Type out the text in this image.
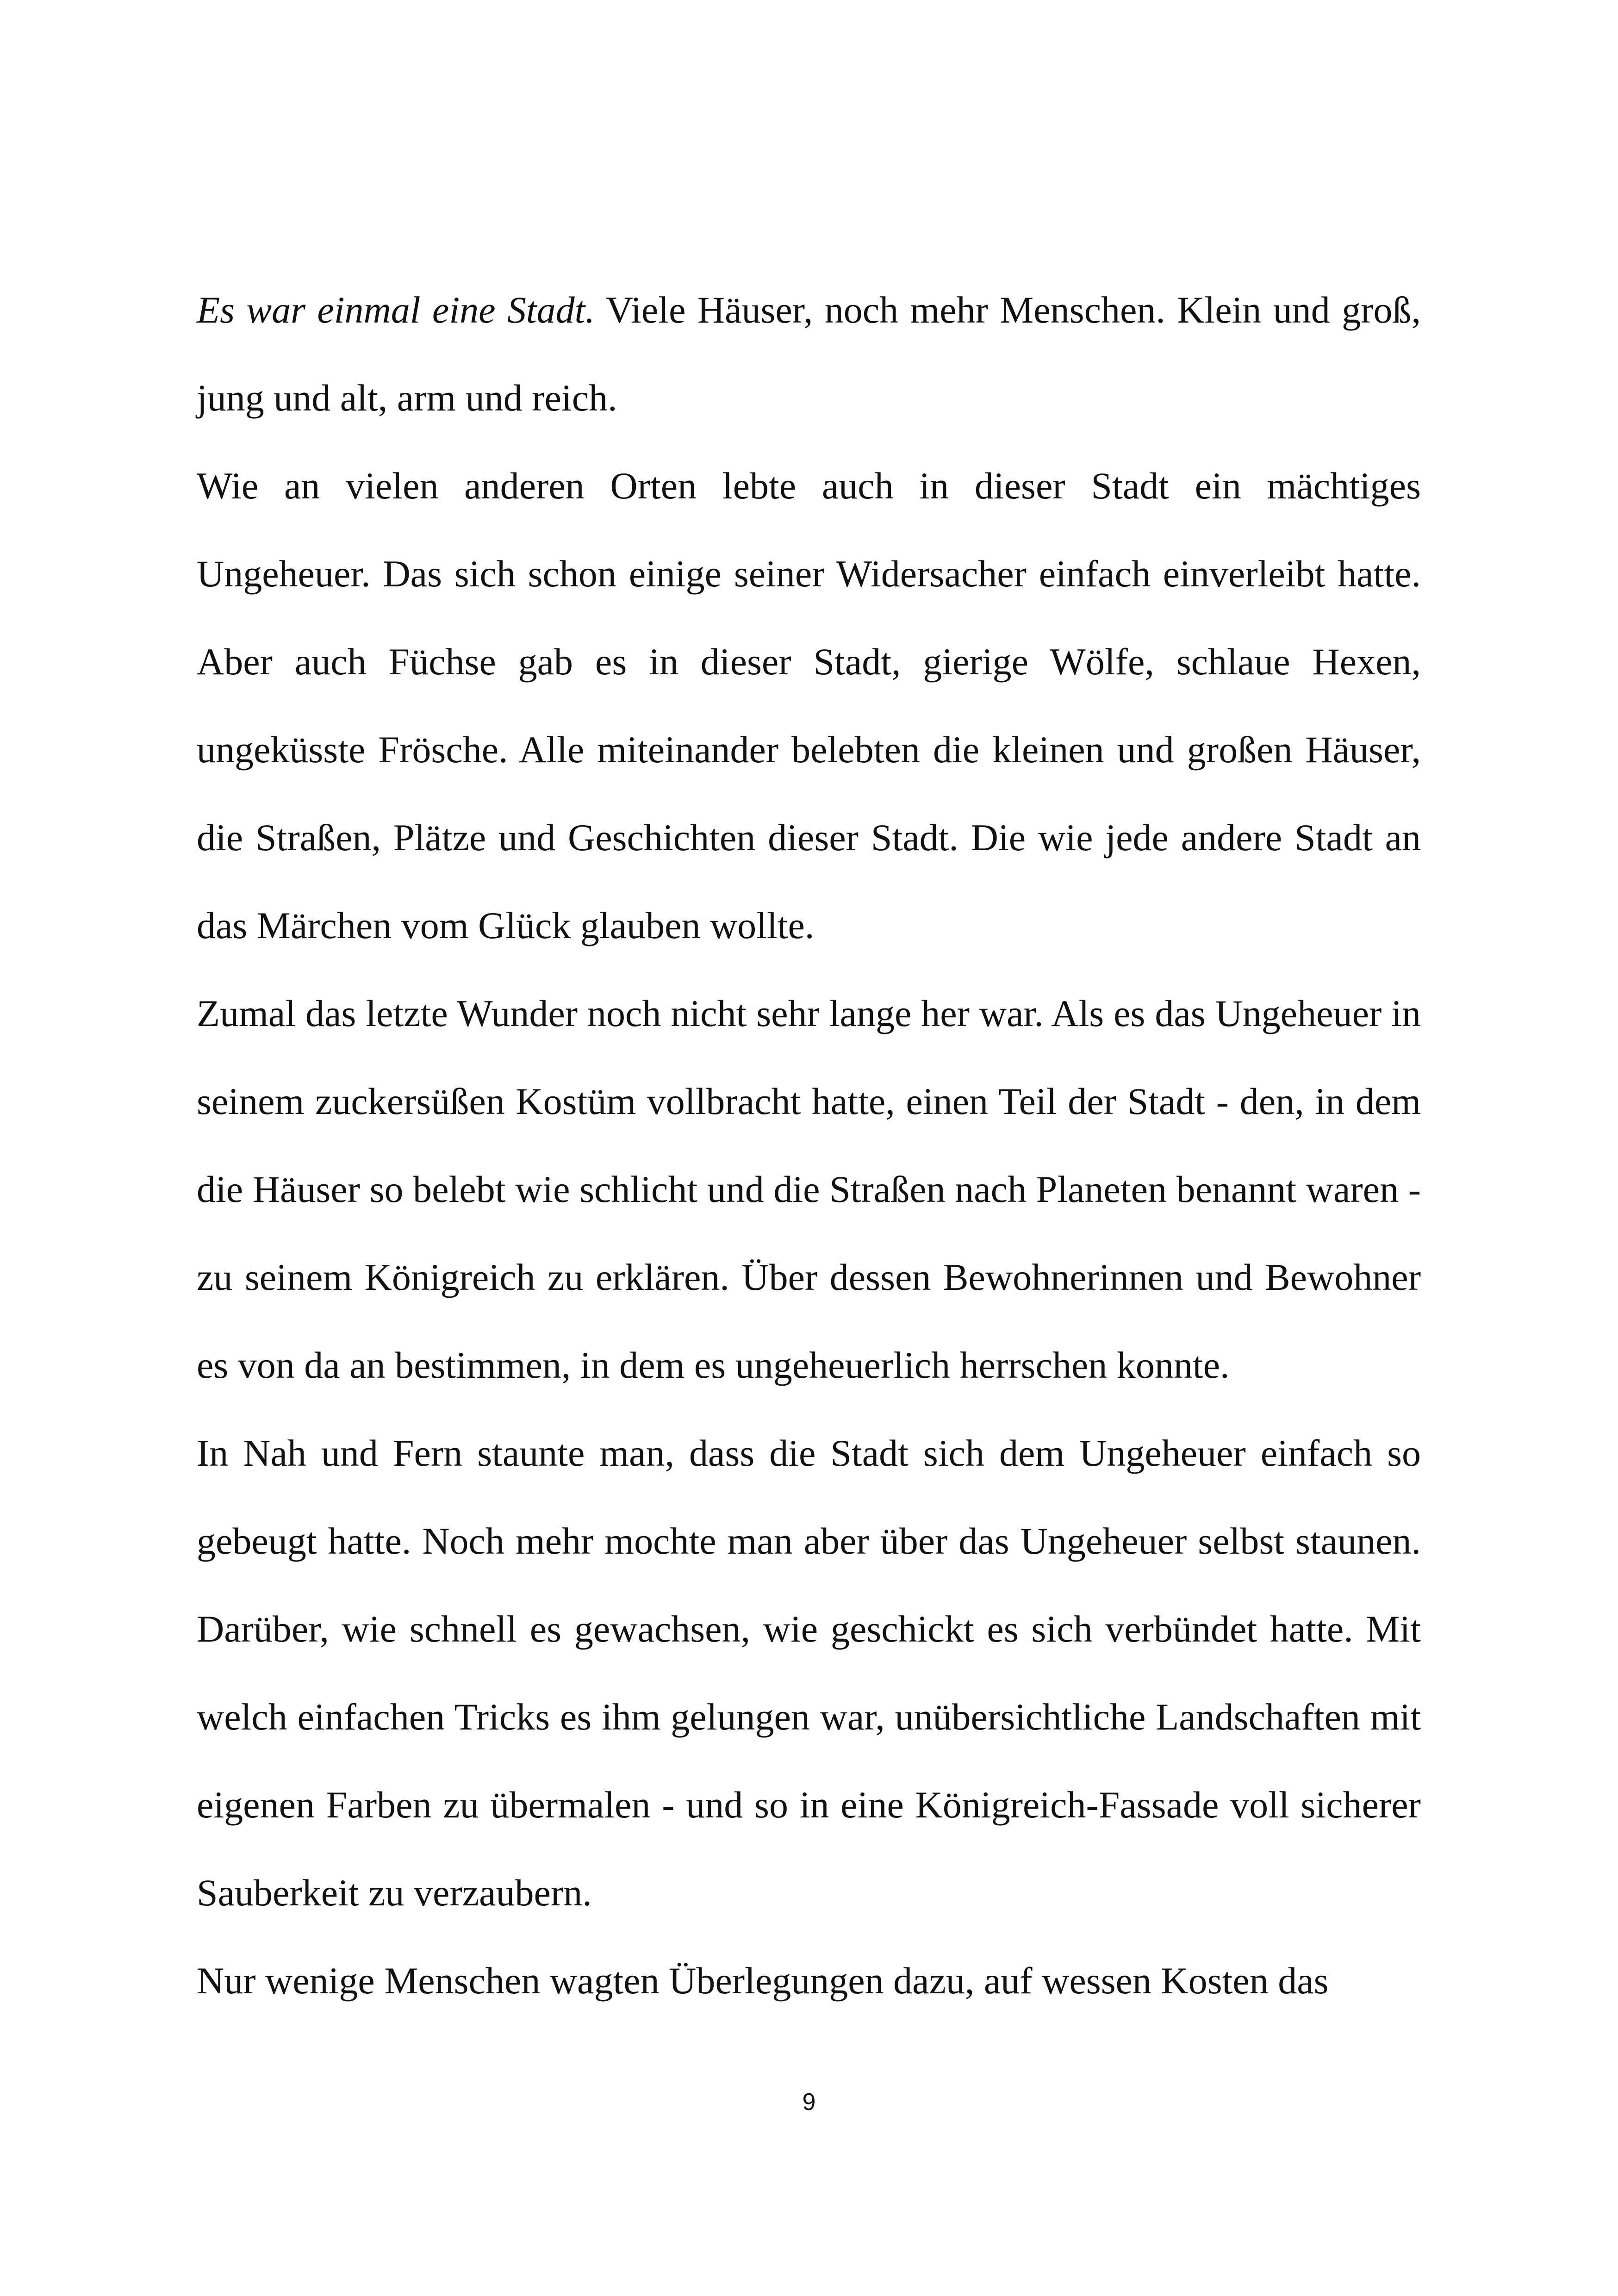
Es war einmal eine Stadt. Viele Häuser, noch mehr Menschen. Klein und groß, jung und alt, arm und reich.

Wie an vielen anderen Orten lebte auch in dieser Stadt ein mächtiges Ungeheuer. Das sich schon einige seiner Widersacher einfach einverleibt hatte. Aber auch Füchse gab es in dieser Stadt, gierige Wölfe, schlaue Hexen, ungeküsste Frösche. Alle miteinander belebten die kleinen und großen Häuser, die Straßen, Plätze und Geschichten dieser Stadt. Die wie jede andere Stadt an das Märchen vom Glück glauben wollte.

Zumal das letzte Wunder noch nicht sehr lange her war. Als es das Ungeheuer in seinem zuckersüßen Kostüm vollbracht hatte, einen Teil der Stadt - den, in dem die Häuser so belebt wie schlicht und die Straßen nach Planeten benannt waren - zu seinem Königreich zu erklären. Über dessen Bewohnerinnen und Bewohner es von da an bestimmen, in dem es ungeheuerlich herrschen konnte.

In Nah und Fern staunte man, dass die Stadt sich dem Ungeheuer einfach so gebeugt hatte. Noch mehr mochte man aber über das Ungeheuer selbst staunen. Darüber, wie schnell es gewachsen, wie geschickt es sich verbündet hatte. Mit welch einfachen Tricks es ihm gelungen war, unübersichtliche Landschaften mit eigenen Farben zu übermalen - und so in eine Königreich-Fassade voll sicherer Sauberkeit zu verzaubern.

Nur wenige Menschen wagten Überlegungen dazu, auf wessen Kosten das

9
